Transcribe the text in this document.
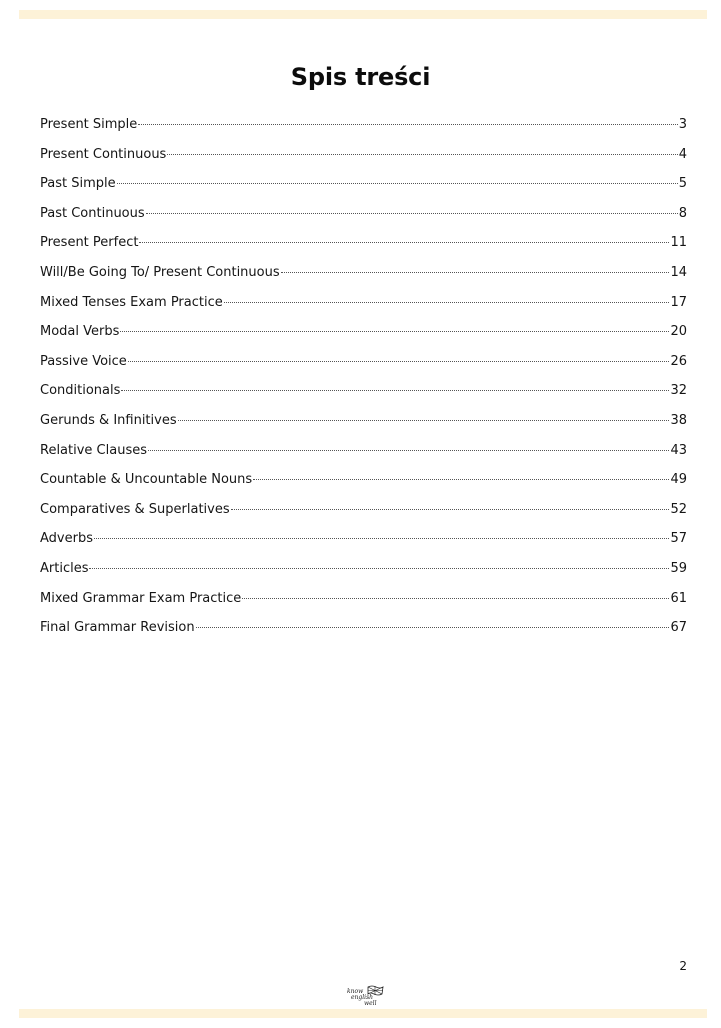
Spis treści
Present Simple	3
Present Continuous	4
Past Simple	5
Past Continuous	8
Present Perfect	11
Will/Be Going To/ Present Continuous	14
Mixed Tenses Exam Practice	17
Modal Verbs	20
Passive Voice	26
Conditionals	32
Gerunds & Infinitives	38
Relative Clauses	43
Countable & Uncountable Nouns	49
Comparatives & Superlatives	52
Adverbs	57
Articles	59
Mixed Grammar Exam Practice	61
Final Grammar Revision	67
2
know
english
well
